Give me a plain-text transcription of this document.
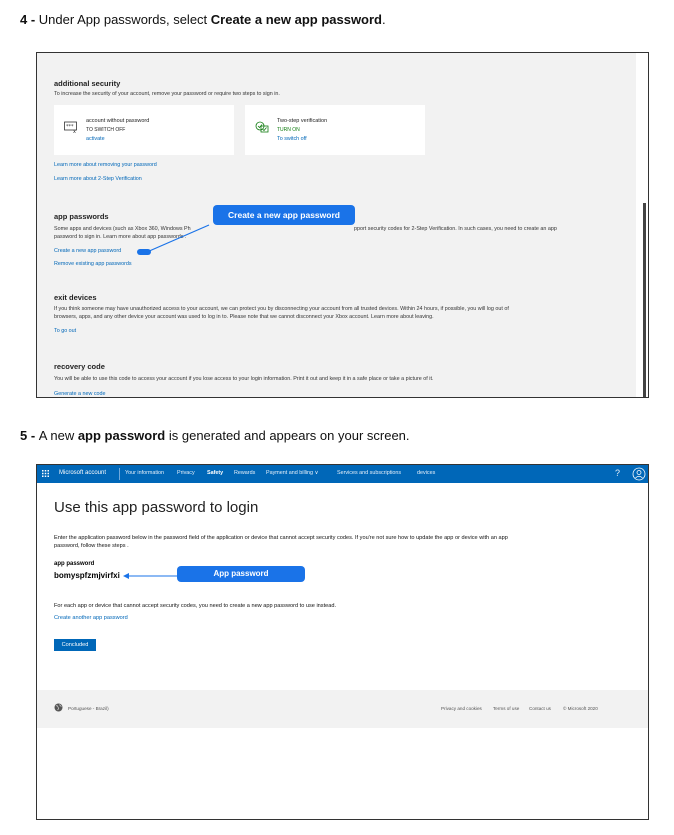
4 - Under App passwords, select Create a new app password.
additional security
To increase the security of your account, remove your password or require two steps to sign in.
***
x
account without password
TO SWITCH OFF
activate
Two-step verification
TURN ON
To switch off
Learn more about removing your password
Learn more about 2-Step Verification
app passwords
Some apps and devices (such as Xbox 360, Windows Ph	pport security codes for 2-Step Verification. In such cases, you need to create an app
password to sign in. Learn more about app passwords .
Create a new app password
Create a new app password
Remove existing app passwords
exit devices
If you think someone may have unauthorized access to your account, we can protect you by disconnecting your account from all trusted devices. Within 24 hours, if possible, you will log out of
browsers, apps, and any other device your account was used to log in to. Please note that we cannot disconnect your Xbox account. Learn more about leaving.
To go out
recovery code
You will be able to use this code to access your account if you lose access to your login information. Print it out and keep it in a safe place or take a picture of it.
Generate a new code
5 - A new app password is generated and appears on your screen.
Microsoft account	Your information Privacy Safety Rewards Payment and billing ∨	Services and subscriptions	devices	?
Use this app password to login
Enter the application password below in the password field of the application or device that cannot accept security codes. If you're not sure how to update the app or device with an app
password, follow these steps .
app password
bomyspfzmjvirfxi	App password
For each app or device that cannot accept security codes, you need to create a new app password to use instead.
Create another app password
Concluded
Portuguese - Brazil)	Privacy and cookies Terms of use Contact us	© Microsoft 2020
